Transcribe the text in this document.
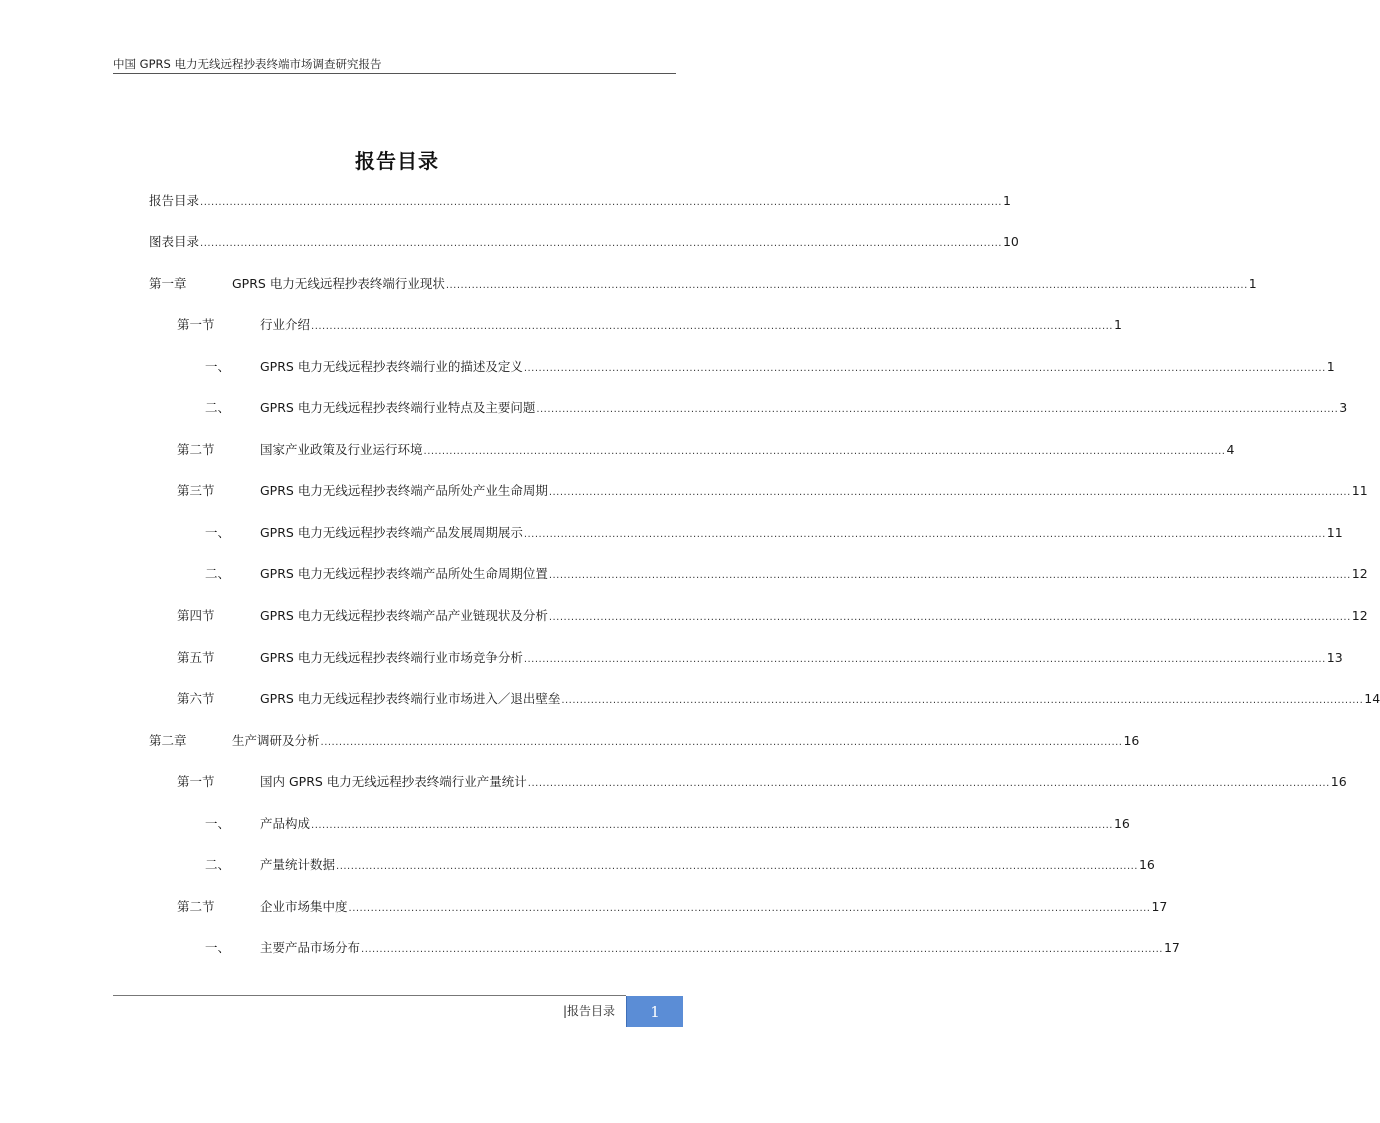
中国 GPRS 电力无线远程抄表终端市场调查研究报告
报告目录
报告目录 .......................................................................................................................................................................................................................... 1
图表目录 .......................................................................................................................................................................................................................... 10
第一章	GPRS 电力无线远程抄表终端行业现状 .......................................................................................................................................................................................................................... 1
第一节	行业介绍 .......................................................................................................................................................................................................................... 1
一、 GPRS 电力无线远程抄表终端行业的描述及定义 .......................................................................................................................................................................................................................... 1
二、 GPRS 电力无线远程抄表终端行业特点及主要问题 .......................................................................................................................................................................................................................... 3
第二节	国家产业政策及行业运行环境 .......................................................................................................................................................................................................................... 4
第三节	GPRS 电力无线远程抄表终端产品所处产业生命周期 .......................................................................................................................................................................................................................... 11
一、 GPRS 电力无线远程抄表终端产品发展周期展示 .......................................................................................................................................................................................................................... 11
二、 GPRS 电力无线远程抄表终端产品所处生命周期位置 .......................................................................................................................................................................................................................... 12
第四节	GPRS 电力无线远程抄表终端产品产业链现状及分析 .......................................................................................................................................................................................................................... 12
第五节	GPRS 电力无线远程抄表终端行业市场竞争分析 .......................................................................................................................................................................................................................... 13
第六节	GPRS 电力无线远程抄表终端行业市场进入／退出壁垒 .......................................................................................................................................................................................................................... 14
第二章	生产调研及分析 .......................................................................................................................................................................................................................... 16
第一节	国内 GPRS 电力无线远程抄表终端行业产量统计 .......................................................................................................................................................................................................................... 16
一、 产品构成 .......................................................................................................................................................................................................................... 16
二、 产量统计数据 .......................................................................................................................................................................................................................... 16
第二节	企业市场集中度 .......................................................................................................................................................................................................................... 17
一、 主要产品市场分布 .......................................................................................................................................................................................................................... 17
|报告目录 1
